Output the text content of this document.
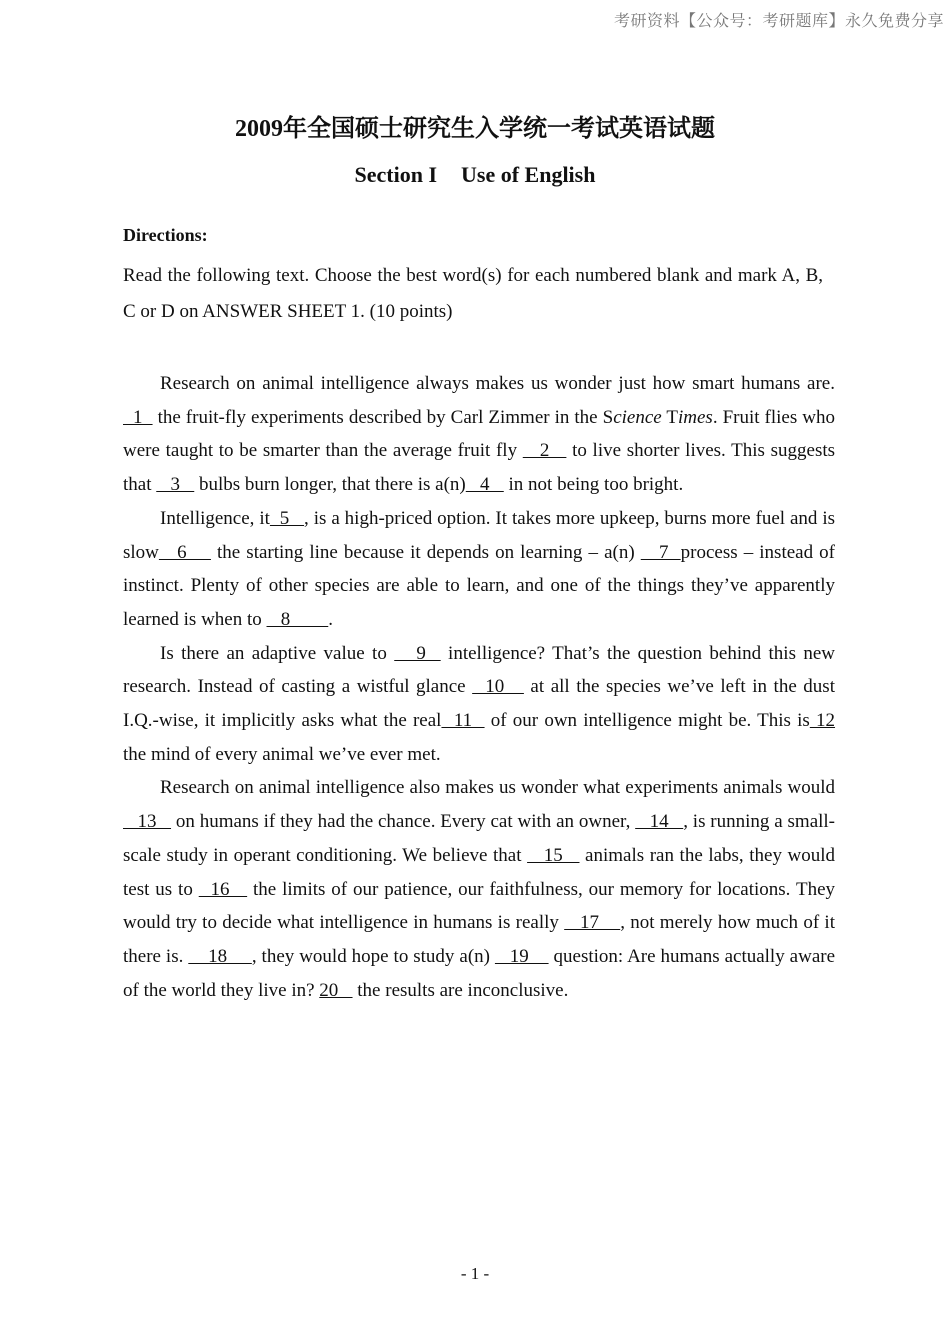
考研资料【公众号：考研题库】永久免费分享
2009年全国硕士研究生入学统一考试英语试题
Section I Use of English
Directions:
Read the following text. Choose the best word(s) for each numbered blank and mark A, B, C or D on ANSWER SHEET 1. (10 points)

Research on animal intelligence always makes us wonder just how smart humans are.   1   the fruit-fly experiments described by Carl Zimmer in the Science Times. Fruit flies who were taught to be smarter than the average fruit fly    2    to live shorter lives. This suggests that    3    bulbs burn longer, that there is a(n)   4    in not being too bright.

Intelligence, it  5   , is a high-priced option. It takes more upkeep, burns more fuel and is slow   6     the starting line because it depends on learning – a(n)    7  process – instead of instinct. Plenty of other species are able to learn, and one of the things they’ve apparently learned is when to    8        .

Is there an adaptive value to    9   intelligence? That’s the question behind this new research. Instead of casting a wistful glance   10    at all the species we’ve left in the dust I.Q.-wise, it implicitly asks what the real  11   of our own intelligence might be. This is 12 the mind of every animal we’ve ever met.

Research on animal intelligence also makes us wonder what experiments animals would    13    on humans if they had the chance. Every cat with an owner,    14   , is running a small-scale study in operant conditioning. We believe that    15    animals ran the labs, they would test us to   16    the limits of our patience, our faithfulness, our memory for locations. They would try to decide what intelligence in humans is really    17    , not merely how much of it there is.     18     , they would hope to study a(n)    19     question: Are humans actually aware of the world they live in? 20    the results are inconclusive.

- 1 -
